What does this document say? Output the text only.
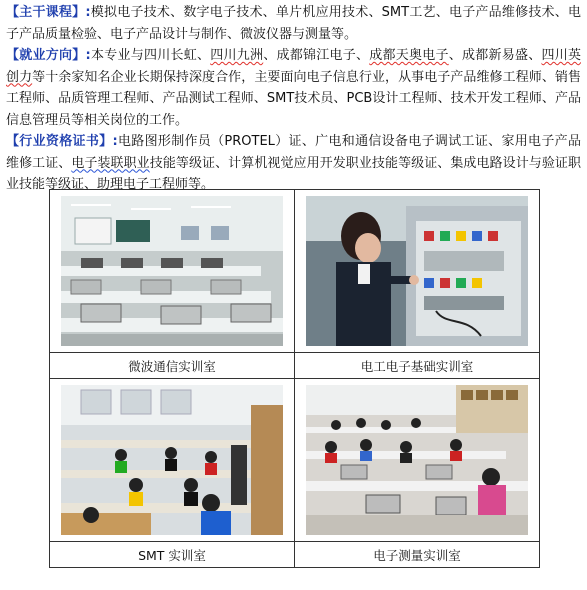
【主干课程】:模拟电子技术、数字电子技术、单片机应用技术、SMT工艺、电子产品维修技术、电子产品质量检验、电子产品设计与制作、微波仪器与测量等。

【就业方向】:本专业与四川长虹、四川九洲、成都锦江电子、成都天奥电子、成都新易盛、四川英创力等十余家知名企业长期保持深度合作，主要面向电子信息行业，从事电子产品维修工程师、销售工程师、品质管理工程师、产品测试工程师、SMT技术员、PCB设计工程师、技术开发工程师、产品信息管理员等相关岗位的工作。

【行业资格证书】:电路图形制作员（PROTEL）证、广电和通信设备电子调试工证、家用电子产品维修工证、电子装联职业技能等级证、计算机视觉应用开发职业技能等级证、集成电路设计与验证职业技能等级证、助理电子工程师等。

微波通信实训室	电工电子基础实训室

SMT 实训室	电子测量实训室
